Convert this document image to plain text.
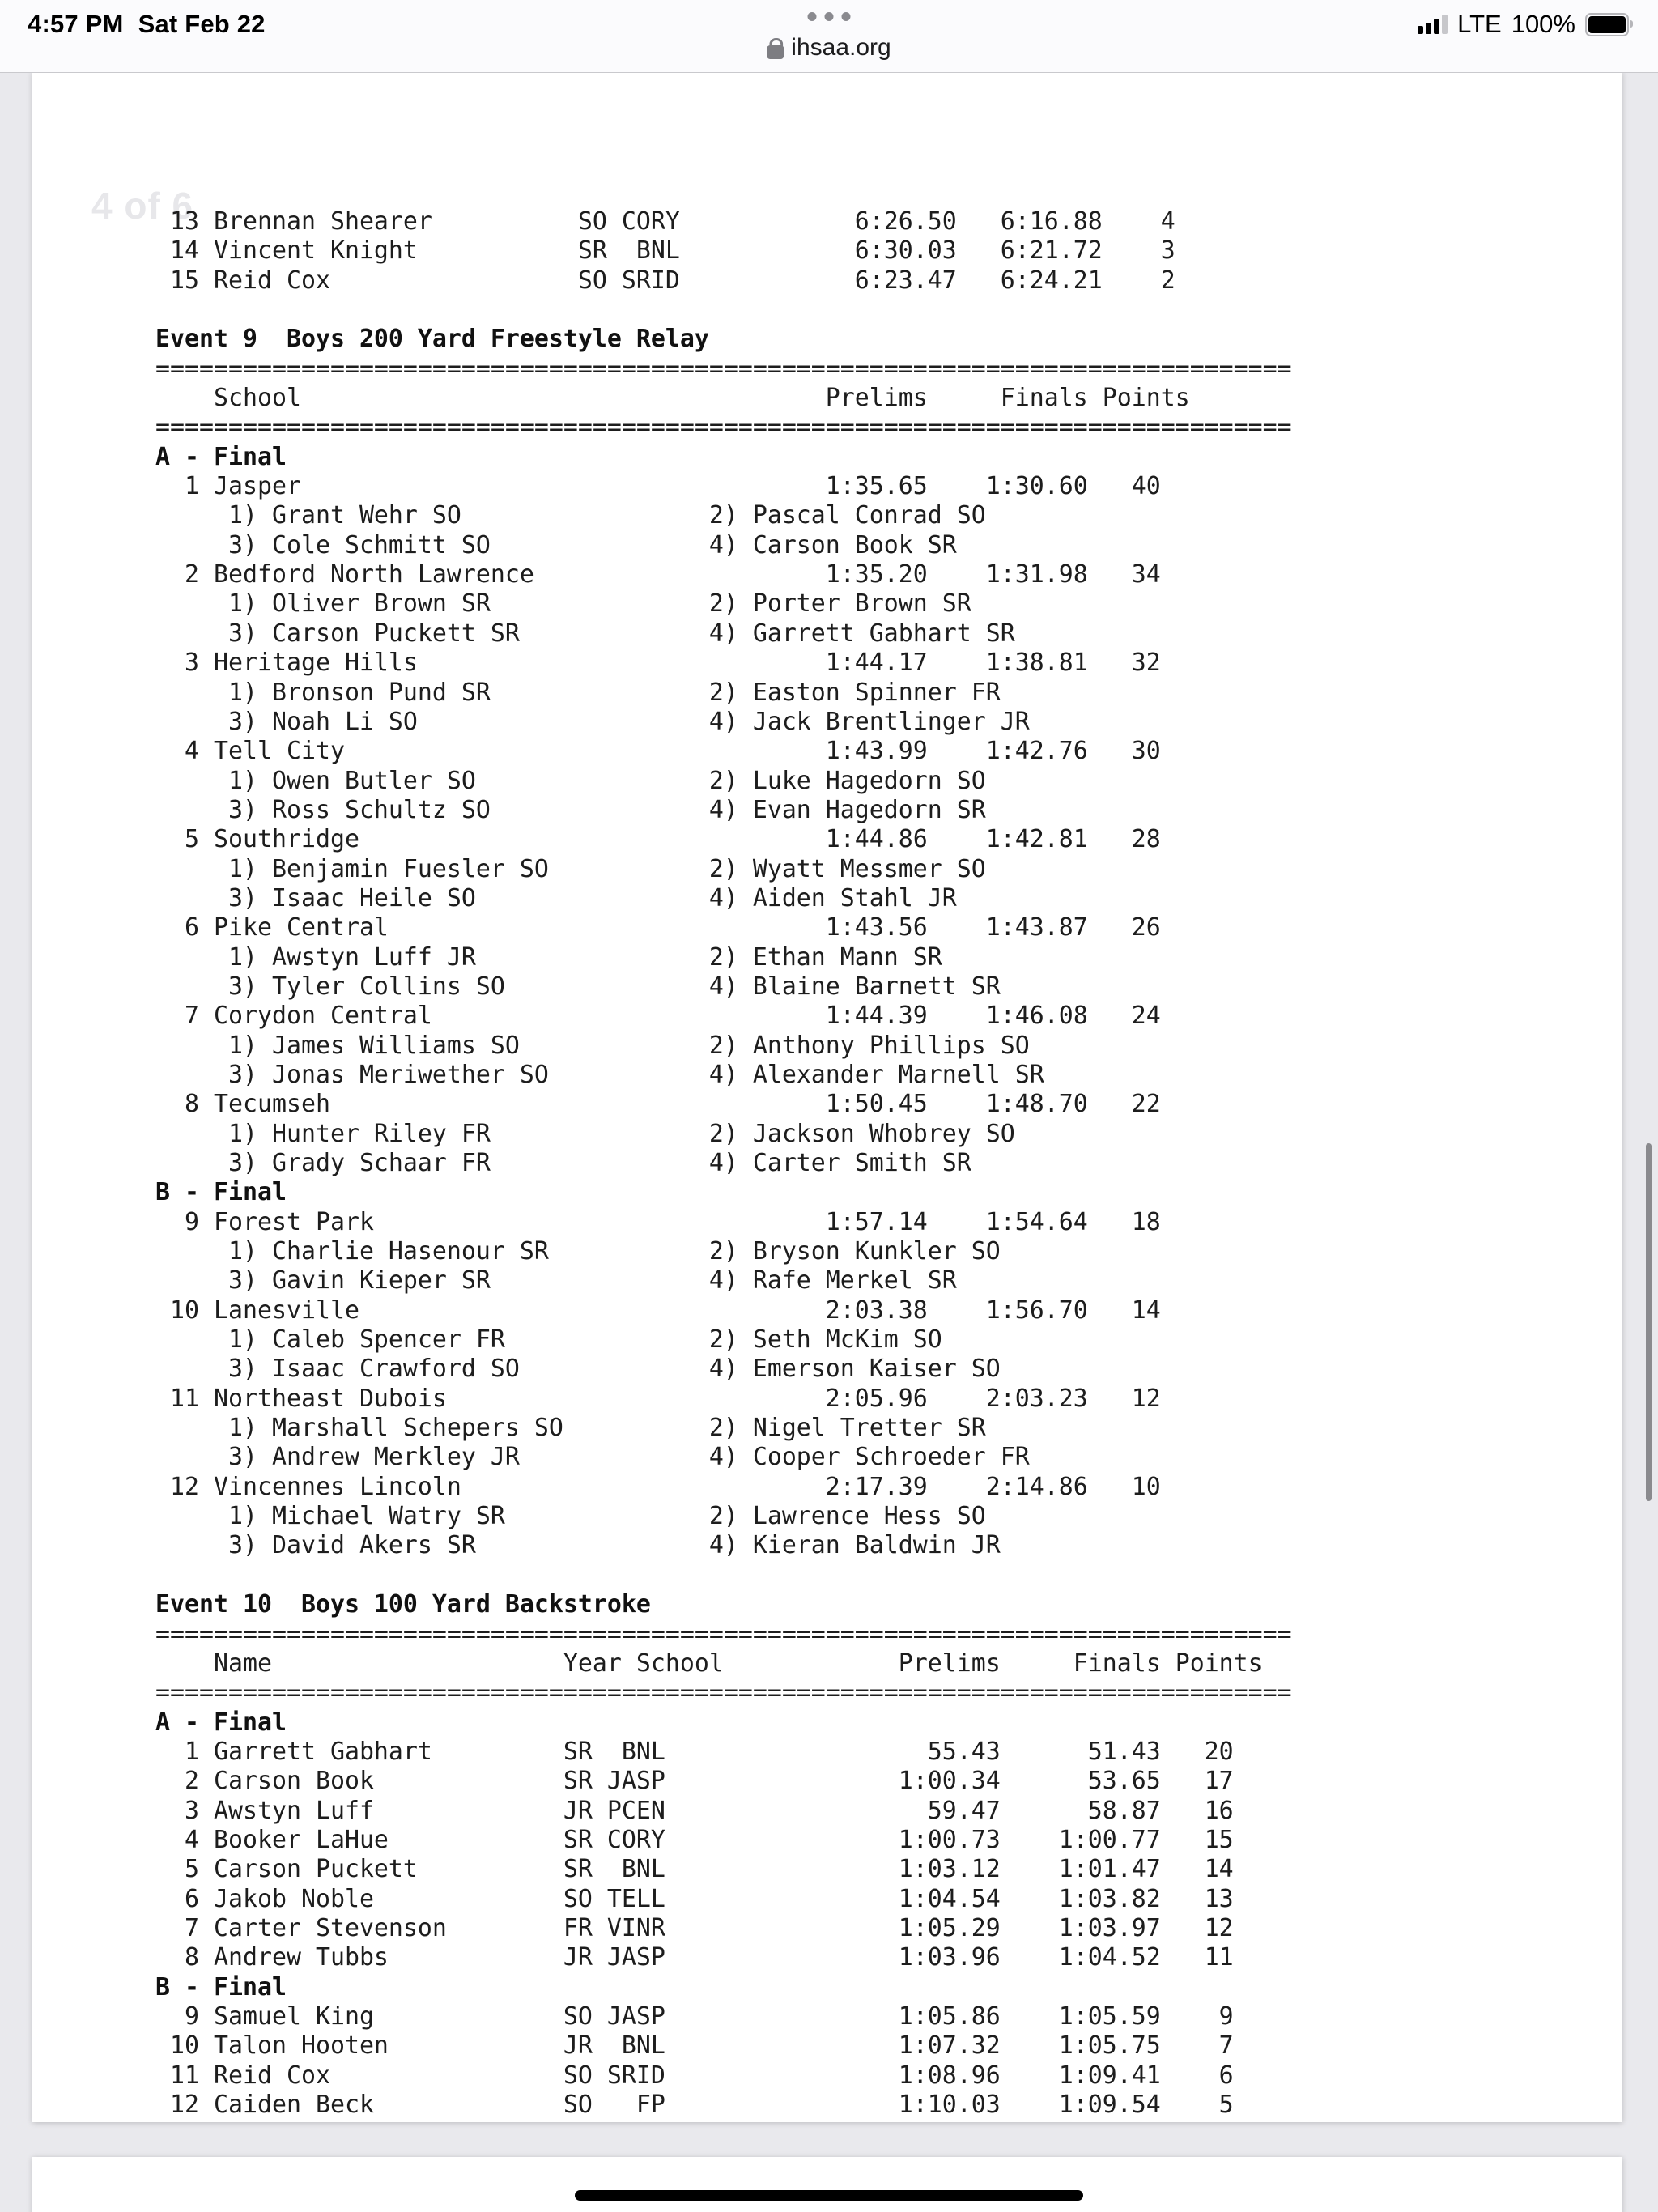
4:57 PM Sat Feb 22
ihsaa.org
LTE 100%
4 of 6
13 Brennan Shearer          SO CORY            6:26.50   6:16.88    4
14 Vincent Knight           SR  BNL            6:30.03   6:21.72    3
15 Reid Cox                 SO SRID            6:23.47   6:24.21    2

Event 9  Boys 200 Yard Freestyle Relay
==============================================================================
School                                    Prelims     Finals Points
==============================================================================
A - Final
1 Jasper                                    1:35.65    1:30.60   40
1) Grant Wehr SO                 2) Pascal Conrad SO
3) Cole Schmitt SO               4) Carson Book SR
2 Bedford North Lawrence                    1:35.20    1:31.98   34
1) Oliver Brown SR               2) Porter Brown SR
3) Carson Puckett SR             4) Garrett Gabhart SR
3 Heritage Hills                            1:44.17    1:38.81   32
1) Bronson Pund SR               2) Easton Spinner FR
3) Noah Li SO                    4) Jack Brentlinger JR
4 Tell City                                 1:43.99    1:42.76   30
1) Owen Butler SO                2) Luke Hagedorn SO
3) Ross Schultz SO               4) Evan Hagedorn SR
5 Southridge                                1:44.86    1:42.81   28
1) Benjamin Fuesler SO           2) Wyatt Messmer SO
3) Isaac Heile SO                4) Aiden Stahl JR
6 Pike Central                              1:43.56    1:43.87   26
1) Awstyn Luff JR                2) Ethan Mann SR
3) Tyler Collins SO              4) Blaine Barnett SR
7 Corydon Central                           1:44.39    1:46.08   24
1) James Williams SO             2) Anthony Phillips SO
3) Jonas Meriwether SO           4) Alexander Marnell SR
8 Tecumseh                                  1:50.45    1:48.70   22
1) Hunter Riley FR               2) Jackson Whobrey SO
3) Grady Schaar FR               4) Carter Smith SR
B - Final
9 Forest Park                               1:57.14    1:54.64   18
1) Charlie Hasenour SR           2) Bryson Kunkler SO
3) Gavin Kieper SR               4) Rafe Merkel SR
10 Lanesville                                2:03.38    1:56.70   14
1) Caleb Spencer FR              2) Seth McKim SO
3) Isaac Crawford SO             4) Emerson Kaiser SO
11 Northeast Dubois                          2:05.96    2:03.23   12
1) Marshall Schepers SO          2) Nigel Tretter SR
3) Andrew Merkley JR             4) Cooper Schroeder FR
12 Vincennes Lincoln                         2:17.39    2:14.86   10
1) Michael Watry SR              2) Lawrence Hess SO
3) David Akers SR                4) Kieran Baldwin JR

Event 10  Boys 100 Yard Backstroke
==============================================================================
Name                    Year School            Prelims     Finals Points
==============================================================================
A - Final
1 Garrett Gabhart         SR  BNL                  55.43      51.43   20
2 Carson Book             SR JASP                1:00.34      53.65   17
3 Awstyn Luff             JR PCEN                  59.47      58.87   16
4 Booker LaHue            SR CORY                1:00.73    1:00.77   15
5 Carson Puckett          SR  BNL                1:03.12    1:01.47   14
6 Jakob Noble             SO TELL                1:04.54    1:03.82   13
7 Carter Stevenson        FR VINR                1:05.29    1:03.97   12
8 Andrew Tubbs            JR JASP                1:03.96    1:04.52   11
B - Final
9 Samuel King             SO JASP                1:05.86    1:05.59    9
10 Talon Hooten            JR  BNL                1:07.32    1:05.75    7
11 Reid Cox                SO SRID                1:08.96    1:09.41    6
12 Caiden Beck             SO   FP                1:10.03    1:09.54    5
